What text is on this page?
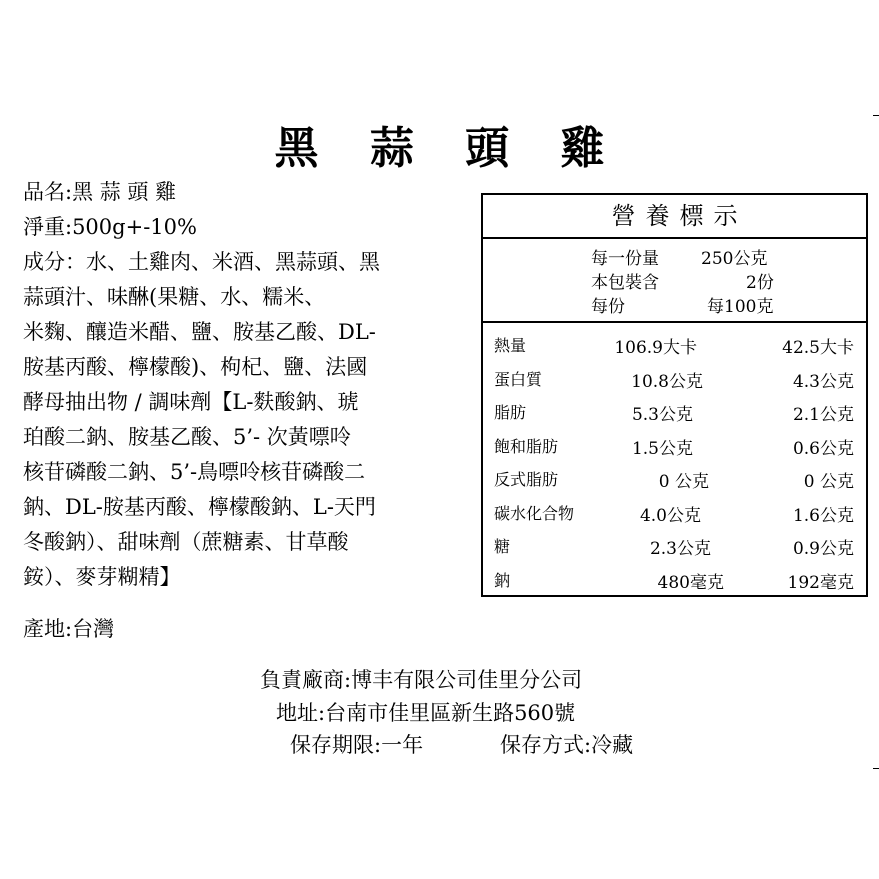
黑 蒜 頭 雞
品名:黑 蒜 頭 雞
淨重:500g+-10%
成分：水、土雞肉、米酒、黑蒜頭、黑
蒜頭汁、味醂(果糖、水、糯米、
米麴、釀造米醋、鹽、胺基乙酸、DL-
胺基丙酸、檸檬酸)、枸杞、鹽、法國
酵母抽出物 / 調味劑【L-麩酸鈉、琥
珀酸二鈉、胺基乙酸、5’- 次黃嘌呤
核苷磷酸二鈉、5’-鳥嘌呤核苷磷酸二
鈉、DL-胺基丙酸、檸檬酸鈉、L-天門
冬酸鈉）、甜味劑（蔗糖素、甘草酸
銨）、麥芽糊精】
產地:台灣
營養標示
每一份量 250公克
本包裝含	2份
每份	每100克
熱量	106.9大卡	42.5大卡
蛋白質	10.8公克	4.3公克
脂肪	5.3公克	2.1公克
飽和脂肪	1.5公克	0.6公克
反式脂肪	0 公克	0 公克
碳水化合物	4.0公克	1.6公克
糖	2.3公克	0.9公克
鈉	480毫克	192毫克
負責廠商:博丰有限公司佳里分公司
地址:台南市佳里區新生路560號
保存期限:一年	保存方式:冷藏
